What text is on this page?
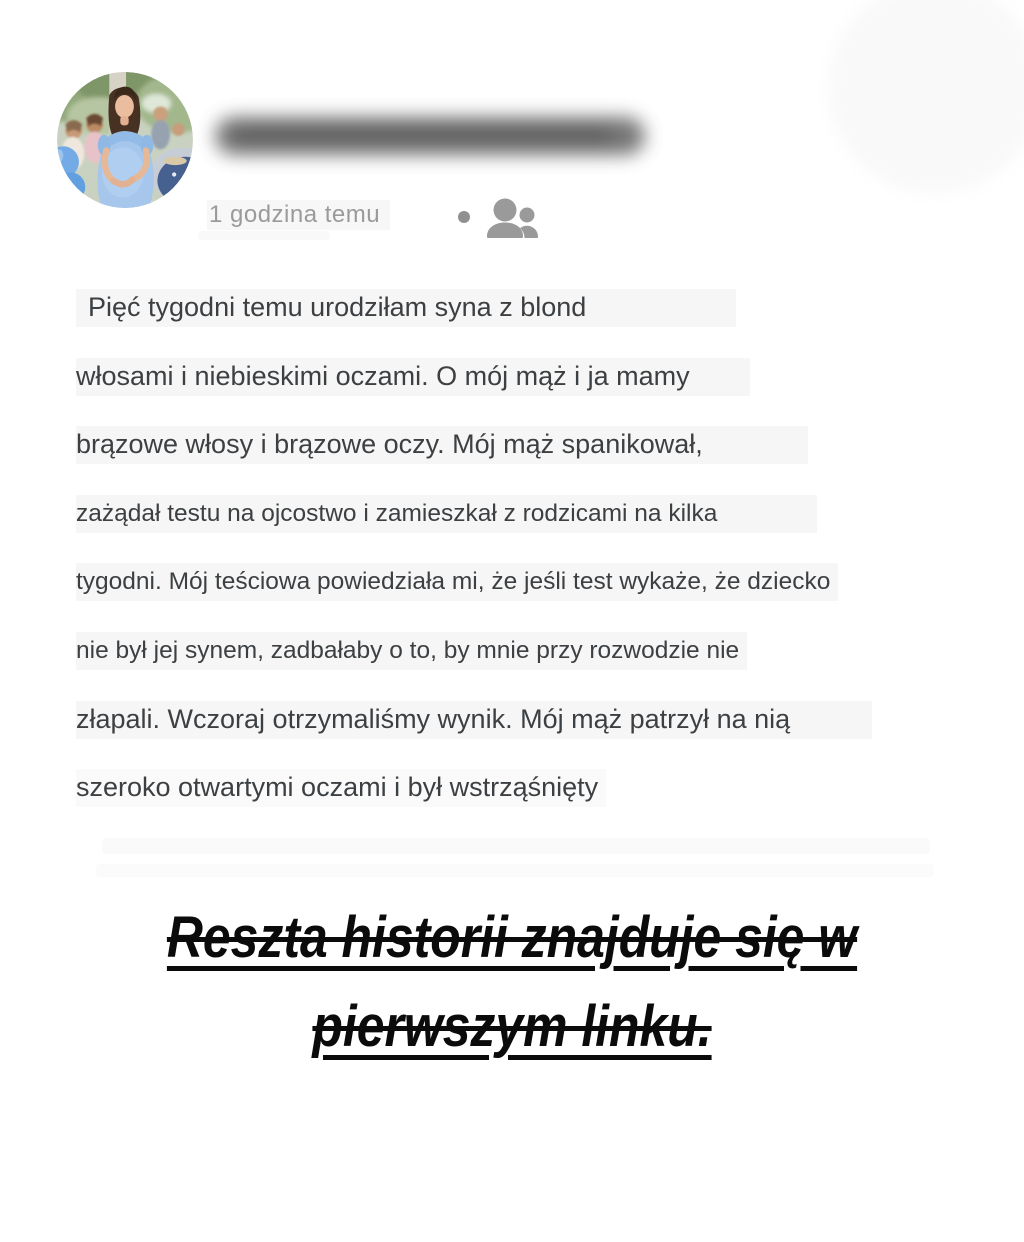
1 godzina temu
Pięć tygodni temu urodziłam syna z blond
włosami i niebieskimi oczami. O mój mąż i ja mamy
brązowe włosy i brązowe oczy. Mój mąż spanikował,
zażądał testu na ojcostwo i zamieszkał z rodzicami na kilka
tygodni. Mój teściowa powiedziała mi, że jeśli test wykaże, że dziecko
nie był jej synem, zadbałaby o to, by mnie przy rozwodzie nie
złapali. Wczoraj otrzymaliśmy wynik. Mój mąż patrzył na nią
szeroko otwartymi oczami i był wstrząśnięty
Reszta historii znajduje się w
pierwszym linku.
